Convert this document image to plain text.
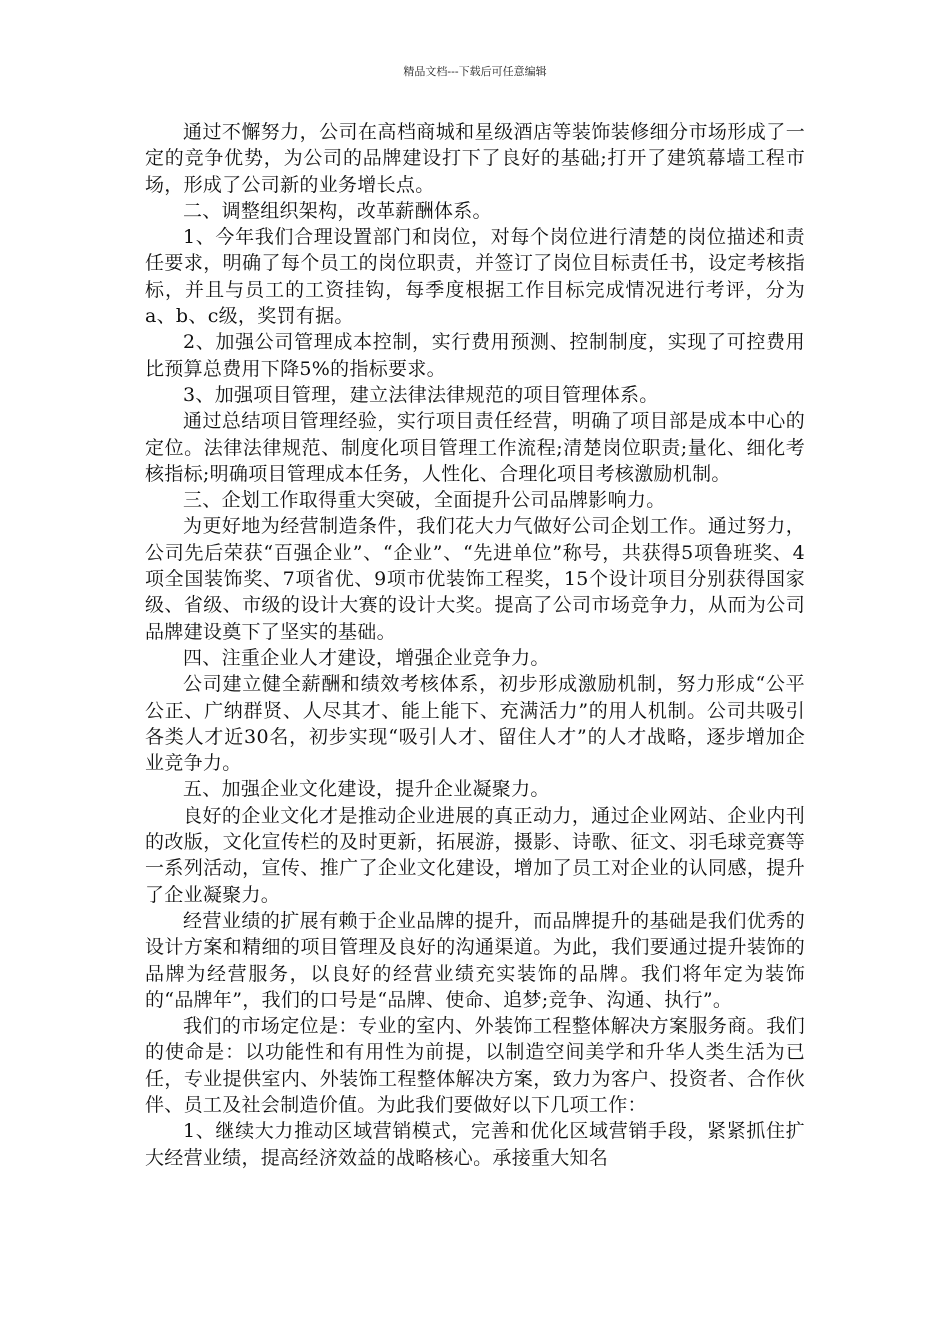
精品文档---下载后可任意编辑

通过不懈努力，公司在高档商城和星级酒店等装饰装修细分市场形成了一定的竞争优势，为公司的品牌建设打下了良好的基础;打开了建筑幕墙工程市场，形成了公司新的业务增长点。

二、调整组织架构，改革薪酬体系。

1、今年我们合理设置部门和岗位，对每个岗位进行清楚的岗位描述和责任要求，明确了每个员工的岗位职责，并签订了岗位目标责任书，设定考核指标，并且与员工的工资挂钩，每季度根据工作目标完成情况进行考评，分为a、b、c级，奖罚有据。

2、加强公司管理成本控制，实行费用预测、控制制度，实现了可控费用比预算总费用下降5%的指标要求。

3、加强项目管理，建立法律法律规范的项目管理体系。

通过总结项目管理经验，实行项目责任经营，明确了项目部是成本中心的定位。法律法律规范、制度化项目管理工作流程;清楚岗位职责;量化、细化考核指标;明确项目管理成本任务，人性化、合理化项目考核激励机制。

三、企划工作取得重大突破，全面提升公司品牌影响力。

为更好地为经营制造条件，我们花大力气做好公司企划工作。通过努力，公司先后荣获“百强企业”、“企业”、“先进单位”称号，共获得5项鲁班奖、4项全国装饰奖、7项省优、9项市优装饰工程奖，15个设计项目分别获得国家级、省级、市级的设计大赛的设计大奖。提高了公司市场竞争力，从而为公司品牌建设奠下了坚实的基础。

四、注重企业人才建设，增强企业竞争力。

公司建立健全薪酬和绩效考核体系，初步形成激励机制，努力形成“公平公正、广纳群贤、人尽其才、能上能下、充满活力”的用人机制。公司共吸引各类人才近30名，初步实现“吸引人才、留住人才”的人才战略，逐步增加企业竞争力。

五、加强企业文化建设，提升企业凝聚力。

良好的企业文化才是推动企业进展的真正动力，通过企业网站、企业内刊的改版，文化宣传栏的及时更新，拓展游，摄影、诗歌、征文、羽毛球竞赛等一系列活动，宣传、推广了企业文化建设，增加了员工对企业的认同感，提升了企业凝聚力。

经营业绩的扩展有赖于企业品牌的提升，而品牌提升的基础是我们优秀的设计方案和精细的项目管理及良好的沟通渠道。为此，我们要通过提升装饰的品牌为经营服务，以良好的经营业绩充实装饰的品牌。我们将年定为装饰的“品牌年”，我们的口号是“品牌、使命、追梦;竞争、沟通、执行”。

我们的市场定位是：专业的室内、外装饰工程整体解决方案服务商。我们的使命是：以功能性和有用性为前提，以制造空间美学和升华人类生活为已任，专业提供室内、外装饰工程整体解决方案，致力为客户、投资者、合作伙伴、员工及社会制造价值。为此我们要做好以下几项工作：

1、继续大力推动区域营销模式，完善和优化区域营销手段，紧紧抓住扩大经营业绩，提高经济效益的战略核心。承接重大知名
